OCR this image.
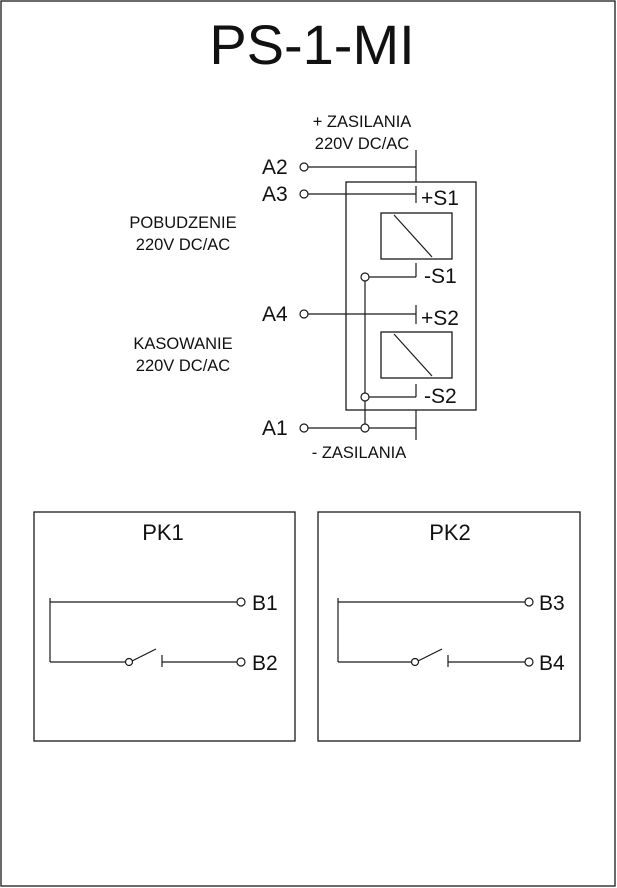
PS-1-MI
+ ZASILANIA
220V DC/AC
POBUDZENIE
220V DC/AC
KASOWANIE
220V DC/AC
- ZASILANIA
A2
A3
A4
A1
+S1
-S1
+S2
-S2
PK1
B1
B2
PK2
B3
B4
